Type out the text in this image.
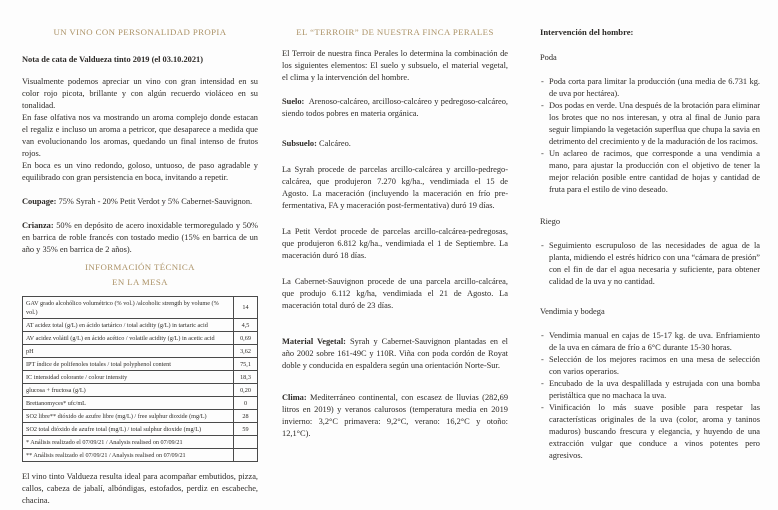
UN VINO CON PERSONALIDAD PROPIA
Nota de cata de Valdueza tinto 2019 (el 03.10.2021)

Visualmente podemos apreciar un vino con gran intensidad en su color rojo picota, brillante y con algún recuerdo violáceo en su tonalidad.

En fase olfativa nos va mostrando un aroma complejo donde estacan el regaliz e incluso un aroma a petricor, que desaparece a medida que van evolucionando los aromas, quedando un final intenso de frutos rojos.

En boca es un vino redondo, goloso, untuoso, de paso agradable y equilibrado con gran persistencia en boca, invitando a repetir.

Coupage: 75% Syrah - 20% Petit Verdot y 5% Cabernet-Sauvignon.

Crianza: 50% en depósito de acero inoxidable termoregulado y 50% en barrica de roble francés con tostado medio (15% en barrica de un año y 35% en barrica de 2 años).

INFORMACIÓN TÉCNICA
EN LA MESA
GAV grado alcohólico volumétrico (% vol.) /alcoholic strength by volume (% vol.)	14
AT acidez total (g/L) en ácido tartárico / total acidity (g/L) in tartaric acid	4,5
AV acidez volátil (g/L) en ácido acético / volatile acidity (g/L) in acetic acid	0,69
pH	3,62
IPT índice de polifenoles totales / total polyphenol content	75,1
IC intensidad colorante / colour intensity	18,3
glucosa + fructosa (g/L)	0,20
Brettanomyces* ufc/mL	0
SO2 libre** dióxido de azufre libre (mg/L) / free sulphur dioxide (mg/L)	28
SO2 total dióxido de azufre total (mg/L) / total sulphur dioxide (mg/L)	59
* Análisis realizado el 07/09/21 / Analysis realised on 07/09/21	
** Análisis realizado el 07/09/21 / Analysis realised on 07/09/21	

El vino tinto Valdueza resulta ideal para acompañar embutidos, pizza, callos, cabeza de jabalí, albóndigas, estofados, perdiz en escabeche, chacina.

EL “TERROIR” DE NUESTRA FINCA PERALES

El Terroir de nuestra finca Perales lo determina la combinación de los siguientes elementos: El suelo y subsuelo, el material vegetal, el clima y la intervención del hombre.

Suelo: Arenoso-calcáreo, arcilloso-calcáreo y pedregoso-calcáreo, siendo todos pobres en materia orgánica.

Subsuelo: Calcáreo.

La Syrah procede de parcelas arcillo-calcárea y arcillo-pedrego-calcárea, que produjeron 7.270 kg/ha., vendimiada el 15 de Agosto. La maceración (incluyendo la maceración en frío pre-fermentativa, FA y maceración post-fermentativa) duró 19 días.

La Petit Verdot procede de parcelas arcillo-calcárea-pedregosas, que produjeron 6.812 kg/ha., vendimiada el 1 de Septiembre. La maceración duró 18 días.

La Cabernet-Sauvignon procede de una parcela arcillo-calcárea, que produjo 6.112 kg/ha, vendimiada el 21 de Agosto. La maceración total duró de 23 días.

Material Vegetal: Syrah y Cabernet-Sauvignon plantadas en el año 2002 sobre 161-49C y 110R. Viña con poda cordón de Royat doble y conducida en espaldera según una orientación Norte-Sur.

Clima: Mediterráneo continental, con escasez de lluvias (282,69 litros en 2019) y veranos calurosos (temperatura media en 2019 invierno: 3,2°C primavera: 9,2°C, verano: 16,2°C y otoño: 12,1°C).

Intervención del hombre:
Poda

- Poda corta para limitar la producción (una media de 6.731 kg. de uva por hectárea).

- Dos podas en verde. Una después de la brotación para eliminar los brotes que no nos interesan, y otra al final de Junio para seguir limpiando la vegetación superflua que chupa la savia en detrimento del crecimiento y de la maduración de los racimos.

- Un aclareo de racimos, que corresponde a una vendimia a mano, para ajustar la producción con el objetivo de tener la mejor relación posible entre cantidad de hojas y cantidad de fruta para el estilo de vino deseado.

Riego

- Seguimiento escrupuloso de las necesidades de agua de la planta, midiendo el estrés hídrico con una “cámara de presión” con el fin de dar el agua necesaria y suficiente, para obtener calidad de la uva y no cantidad.

Vendimia y bodega

- Vendimia manual en cajas de 15-17 kg. de uva. Enfriamiento de la uva en cámara de frío a 6°C durante 15-30 horas.

- Selección de los mejores racimos en una mesa de selección con varios operarios.

- Encubado de la uva despalillada y estrujada con una bomba peristáltica que no machaca la uva.

- Vinificación lo más suave posible para respetar las características originales de la uva (color, aroma y taninos maduros) buscando frescura y elegancia, y huyendo de una extracción vulgar que conduce a vinos potentes pero agresivos.
